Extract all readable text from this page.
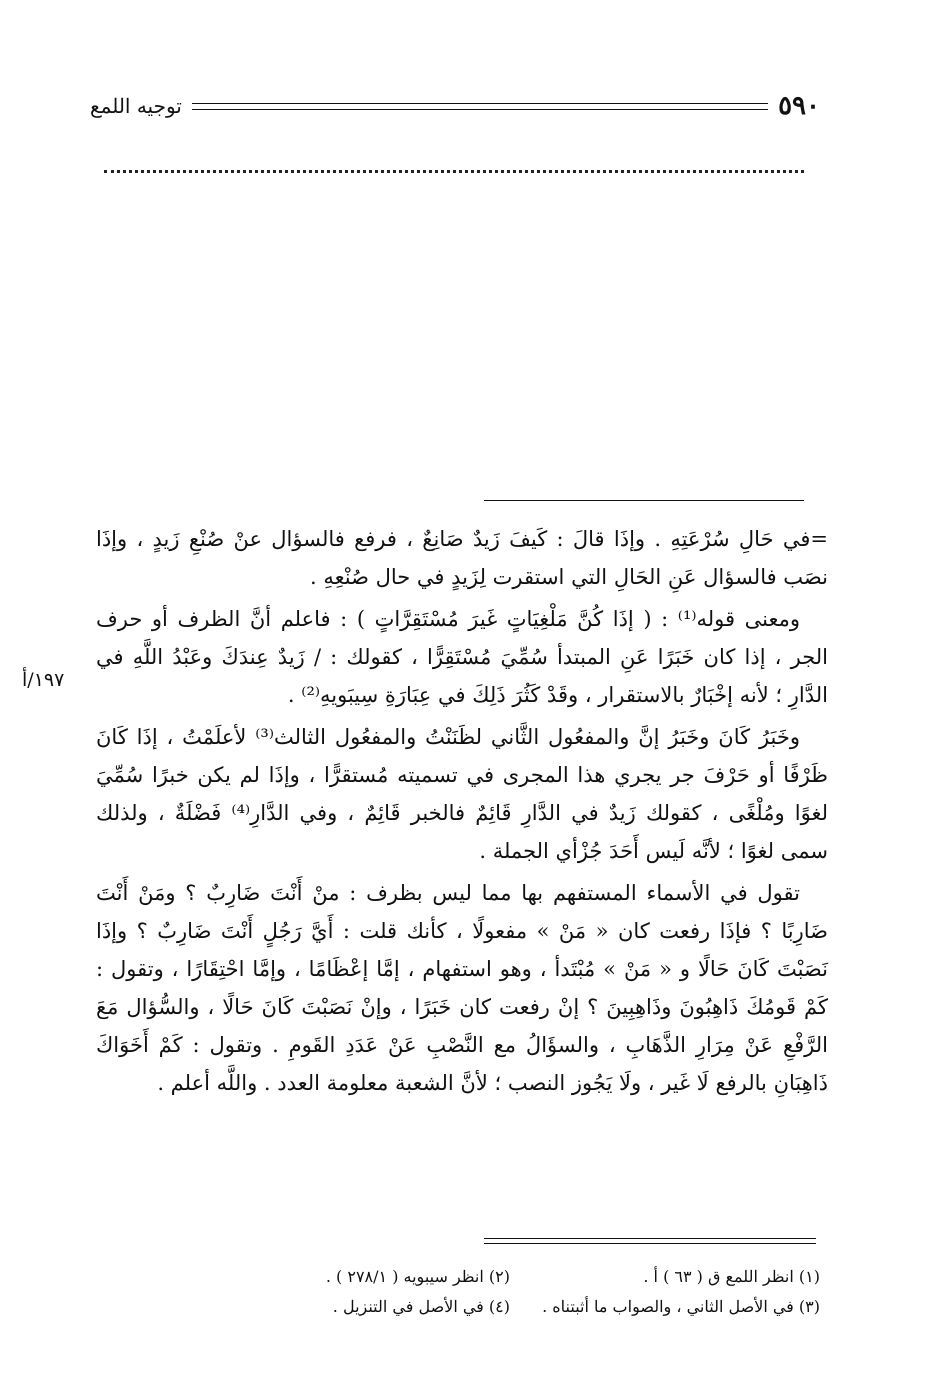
٥٩٠
توجيه اللمع
١٩٧/أ

=في حَالِ سُرْعَتِهِ . وإذَا قالَ : كَيفَ زَيدٌ صَانِعٌ ، فرفع فالسؤال عنْ صُنْعِ زَيدٍ ، وإذَا نصَب فالسؤال عَنِ الحَالِ التي استقرت لِزَيدٍ في حال صُنْعِهِ .

ومعنى قوله⁽¹⁾ : ( إذَا كُنَّ مَلْغِيَاتٍ غَيرَ مُسْتَقِرَّاتٍ ) : فاعلم أنَّ الظرف أو حرف الجر ، إذا كان خَبَرًا عَنِ المبتدأ سُمِّيَ مُسْتَقِرًّا ، كقولك : / زَيدٌ عِندَكَ وعَبْدُ اللَّهِ في الدَّارِ ؛ لأنه إخْبَارٌ بالاستقرار ، وقَدْ كَثُرَ ذَلِكَ في عِبَارَةِ سِيبَويهِ⁽²⁾ .

وخَبَرُ كَانَ وخَبَرُ إنَّ والمفعُول الثَّاني لظَنَنْتُ والمفعُول الثالث⁽³⁾ لأعلَمْتُ ، إذَا كَانَ ظَرْفًا أو حَرْفَ جر يجري هذا المجرى في تسميته مُستقرًّا ، وإذَا لم يكن خبرًا سُمِّيَ لغوًا ومُلْغًى ، كقولك زَيدٌ في الدَّارِ قَائِمٌ فالخبر قَائِمٌ ، وفي الدَّارِ⁽⁴⁾ فَضْلَةٌ ، ولذلك سمى لغوًا ؛ لأنَّه لَيس أَحَدَ جُزْأي الجملة .

تقول في الأسماء المستفهم بها مما ليس بظرف : منْ أَنْتَ ضَارِبٌ ؟ ومَنْ أَنْتَ ضَارِبًا ؟ فإذَا رفعت كان « مَنْ » مفعولًا ، كأنك قلت : أَيَّ رَجُلٍ أَنْتَ ضَارِبٌ ؟ وإذَا نَصَبْتَ كَانَ حَالًا و « مَنْ » مُبْتَدأ ، وهو استفهام ، إمَّا إعْظَامًا ، وإمَّا احْتِقَارًا ، وتقول : كَمْ قَومُكَ ذَاهِبُونَ وذَاهِبِينَ ؟ إنْ رفعت كان خَبَرًا ، وإنْ نَصَبْتَ كَانَ حَالًا ، والسُّؤال مَعَ الرَّفْعِ عَنْ مِرَارِ الذَّهَابِ ، والسؤَالُ مع النَّصْبِ عَنْ عَدَدِ القَومِ . وتقول : كَمْ أَخَوَاكَ ذَاهِبَانِ بالرفع لَا غَير ، ولَا يَجُوز النصب ؛ لأنَّ الشعبة معلومة العدد . واللَّه أعلم .

(١) انظر اللمع ق ( ٦٣ ) أ .
(٢) انظر سيبويه ( ٢٧٨/١ ) .
(٣) في الأصل الثاني ، والصواب ما أثبتناه .
(٤) في الأصل في التنزيل .
